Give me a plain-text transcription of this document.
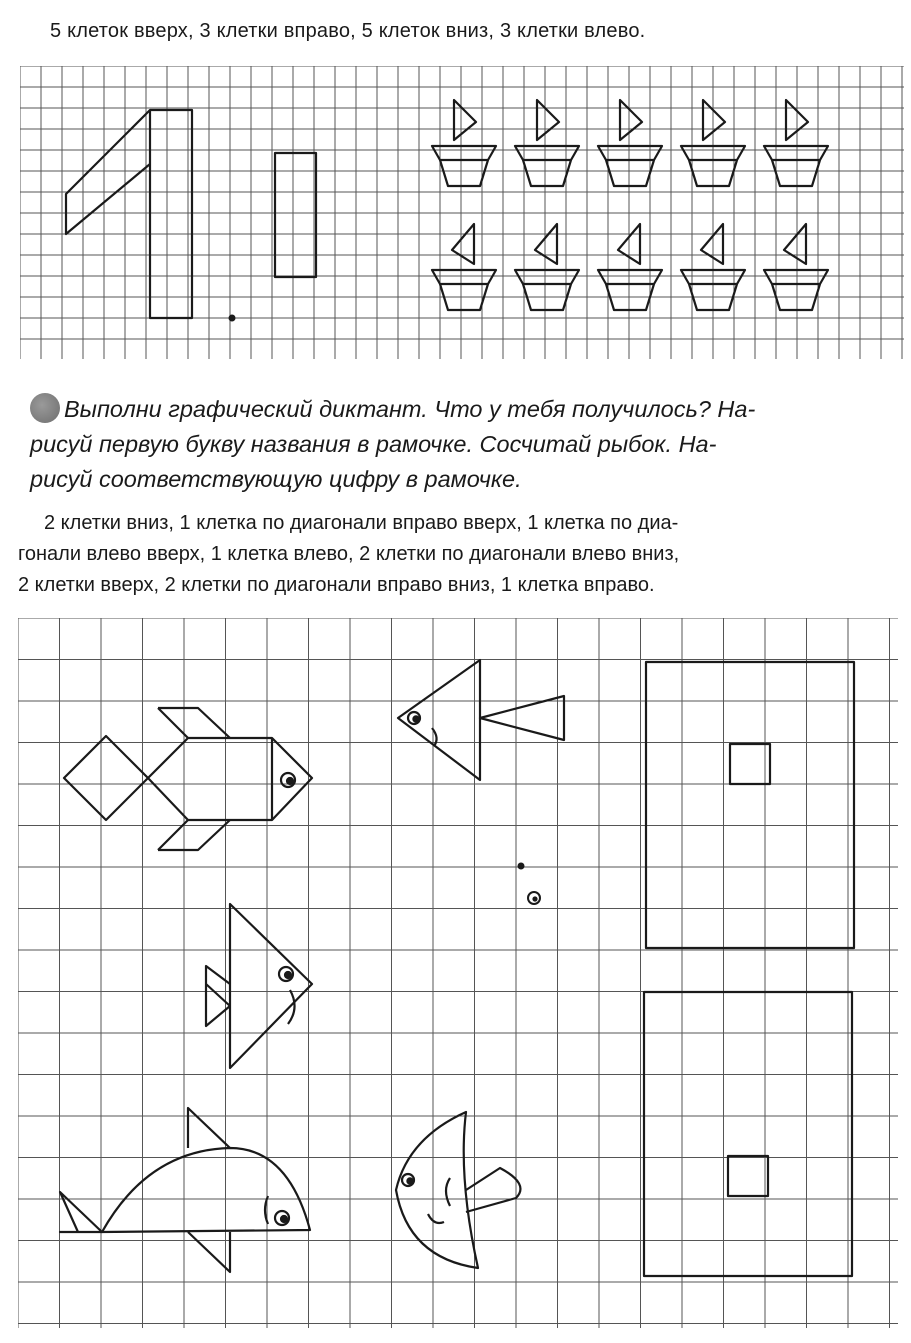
5 клеток вверх, 3 клетки вправо, 5 клеток вниз, 3 клетки влево.
Выполни графический диктант. Что у тебя получилось? На-
рисуй первую букву названия в рамочке. Сосчитай рыбок. На-
рисуй соответствующую цифру в рамочке.
2 клетки вниз, 1 клетка по диагонали вправо вверх, 1 клетка по диа-
гонали влево вверх, 1 клетка влево, 2 клетки по диагонали влево вниз,
2 клетки вверх, 2 клетки по диагонали вправо вниз, 1 клетка вправо.
